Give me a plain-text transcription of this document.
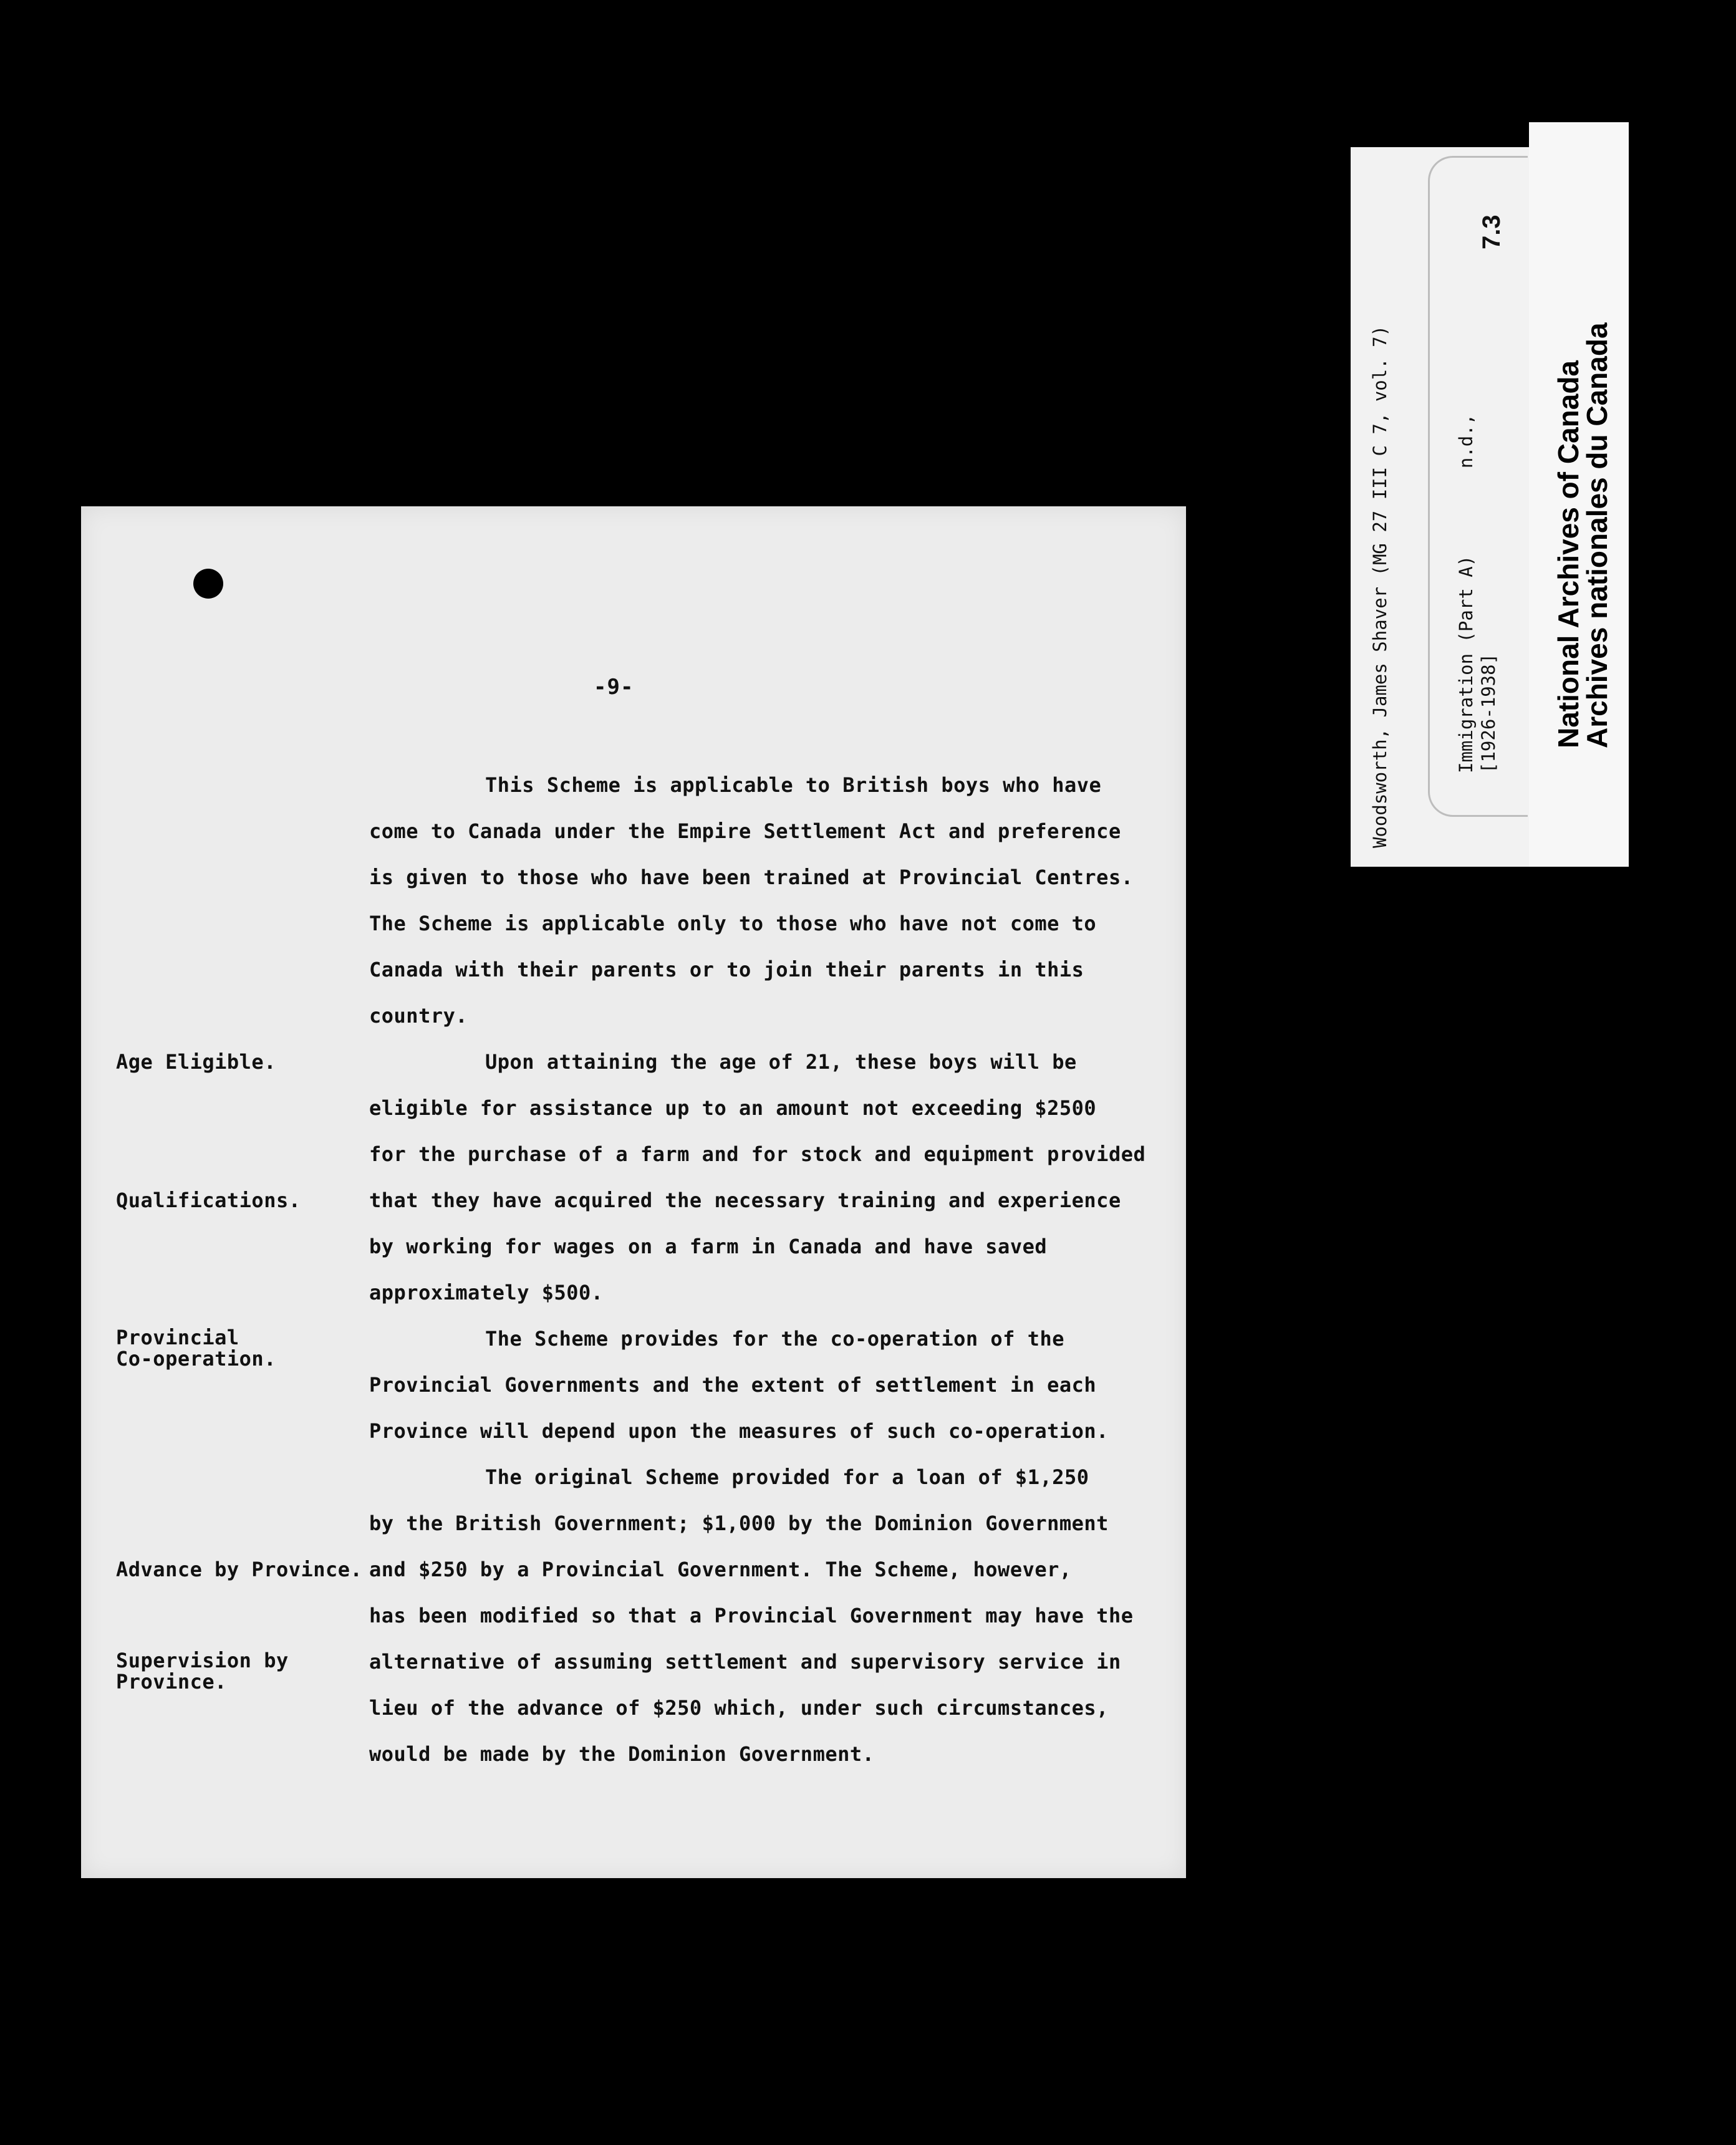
-9-
This Scheme is applicable to British boys who have
come to Canada under the Empire Settlement Act and preference
is given to those who have been trained at Provincial Centres.
The Scheme is applicable only to those who have not come to
Canada with their parents or to join their parents in this
country.
Upon attaining the age of 21, these boys will be
eligible for assistance up to an amount not exceeding $2500
for the purchase of a farm and for stock and equipment provided
that they have acquired the necessary training and experience
by working for wages on a farm in Canada and have saved
approximately $500.
The Scheme provides for the co-operation of the
Provincial Governments and the extent of settlement in each
Province will depend upon the measures of such co-operation.
The original Scheme provided for a loan of $1,250
by the British Government; $1,000 by the Dominion Government
and $250 by a Provincial Government. The Scheme, however,
has been modified so that a Provincial Government may have the
alternative of assuming settlement and supervisory service in
lieu of the advance of $250 which, under such circumstances,
would be made by the Dominion Government.
Age Eligible.
Qualifications.
Provincial
Co-operation.
Advance by Province.
Supervision by
Province.
Woodsworth, James Shaver (MG 27 III C 7, vol. 7)	Immigration (Part A)        n.d., [1926-1938]
7.3
National Archives of Canada
Archives nationales du Canada
